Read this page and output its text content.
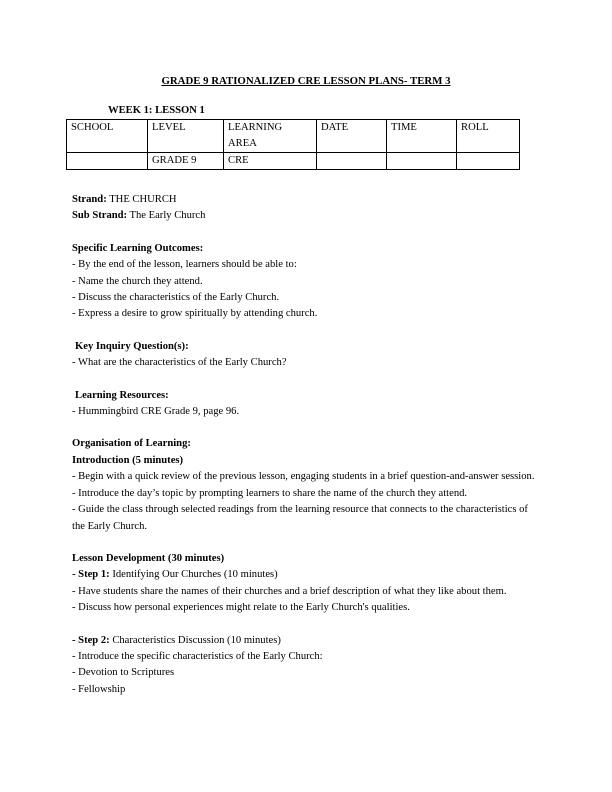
GRADE 9 RATIONALIZED CRE LESSON PLANS- TERM 3
WEEK 1: LESSON 1
SCHOOL	LEVEL	LEARNING AREA	DATE	TIME	ROLL
	GRADE 9	CRE			

Strand: THE CHURCH

Sub Strand: The Early Church

Specific Learning Outcomes:

- By the end of the lesson, learners should be able to:

- Name the church they attend.

- Discuss the characteristics of the Early Church.

- Express a desire to grow spiritually by attending church.

Key Inquiry Question(s):

- What are the characteristics of the Early Church?

Learning Resources:

- Hummingbird CRE Grade 9, page 96.

Organisation of Learning:

Introduction (5 minutes)

- Begin with a quick review of the previous lesson, engaging students in a brief question-and-answer session.

- Introduce the day’s topic by prompting learners to share the name of the church they attend.

- Guide the class through selected readings from the learning resource that connects to the characteristics of the Early Church.

Lesson Development (30 minutes)

- Step 1: Identifying Our Churches (10 minutes)

- Have students share the names of their churches and a brief description of what they like about them.

- Discuss how personal experiences might relate to the Early Church's qualities.

- Step 2: Characteristics Discussion (10 minutes)

- Introduce the specific characteristics of the Early Church:

- Devotion to Scriptures

- Fellowship
